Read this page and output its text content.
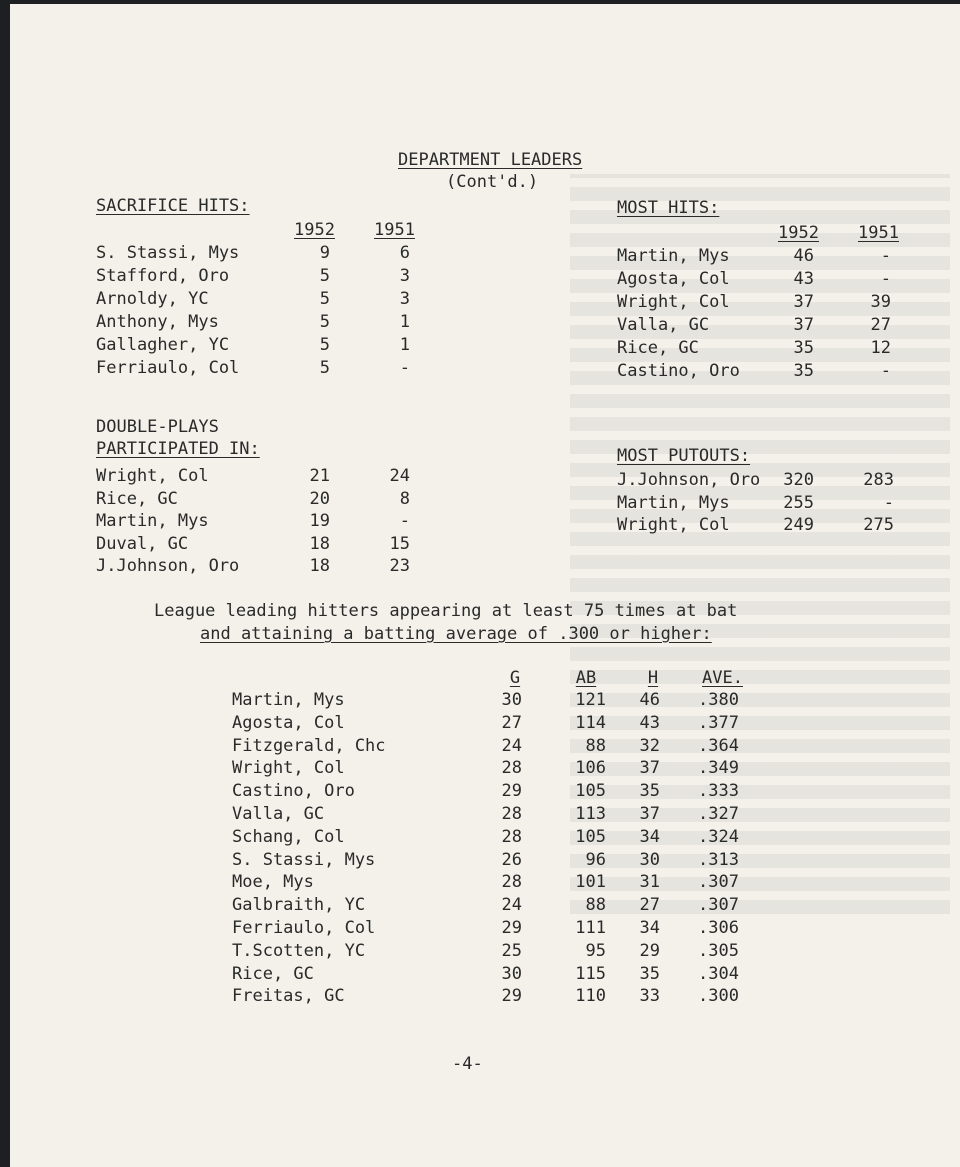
DEPARTMENT LEADERS
(Cont'd.)
SACRIFICE HITS:
1952 1951
S. Stassi, Mys	9	6
Stafford, Oro	5	3
Arnoldy, YC	5	3
Anthony, Mys	5	1
Gallagher, YC	5	1
Ferriaulo, Col	5	-
DOUBLE-PLAYS
PARTICIPATED IN:
Wright, Col	21	24
Rice, GC	20	8
Martin, Mys	19	-
Duval, GC	18	15
J.Johnson, Oro	18	23
MOST HITS:
1952 1951
Martin, Mys	46	-
Agosta, Col	43	-
Wright, Col	37	39
Valla, GC	37	27
Rice, GC	35	12
Castino, Oro	35	-
MOST PUTOUTS:
J.Johnson, Oro 320	283
Martin, Mys	255	-
Wright, Col	249	275
League leading hitters appearing at least 75 times at bat
and attaining a batting average of .300 or higher:
G	AB	H	AVE.
Martin, Mys	30	121	46 .380
Agosta, Col	27	114	43 .377
Fitzgerald, Chc	24	88	32 .364
Wright, Col	28	106	37 .349
Castino, Oro	29	105	35 .333
Valla, GC	28	113	37 .327
Schang, Col	28	105	34 .324
S. Stassi, Mys	26	96	30 .313
Moe, Mys	28	101	31 .307
Galbraith, YC	24	88	27 .307
Ferriaulo, Col	29	111	34 .306
T.Scotten, YC	25	95	29 .305
Rice, GC	30	115	35 .304
Freitas, GC	29	110	33 .300
-4-
